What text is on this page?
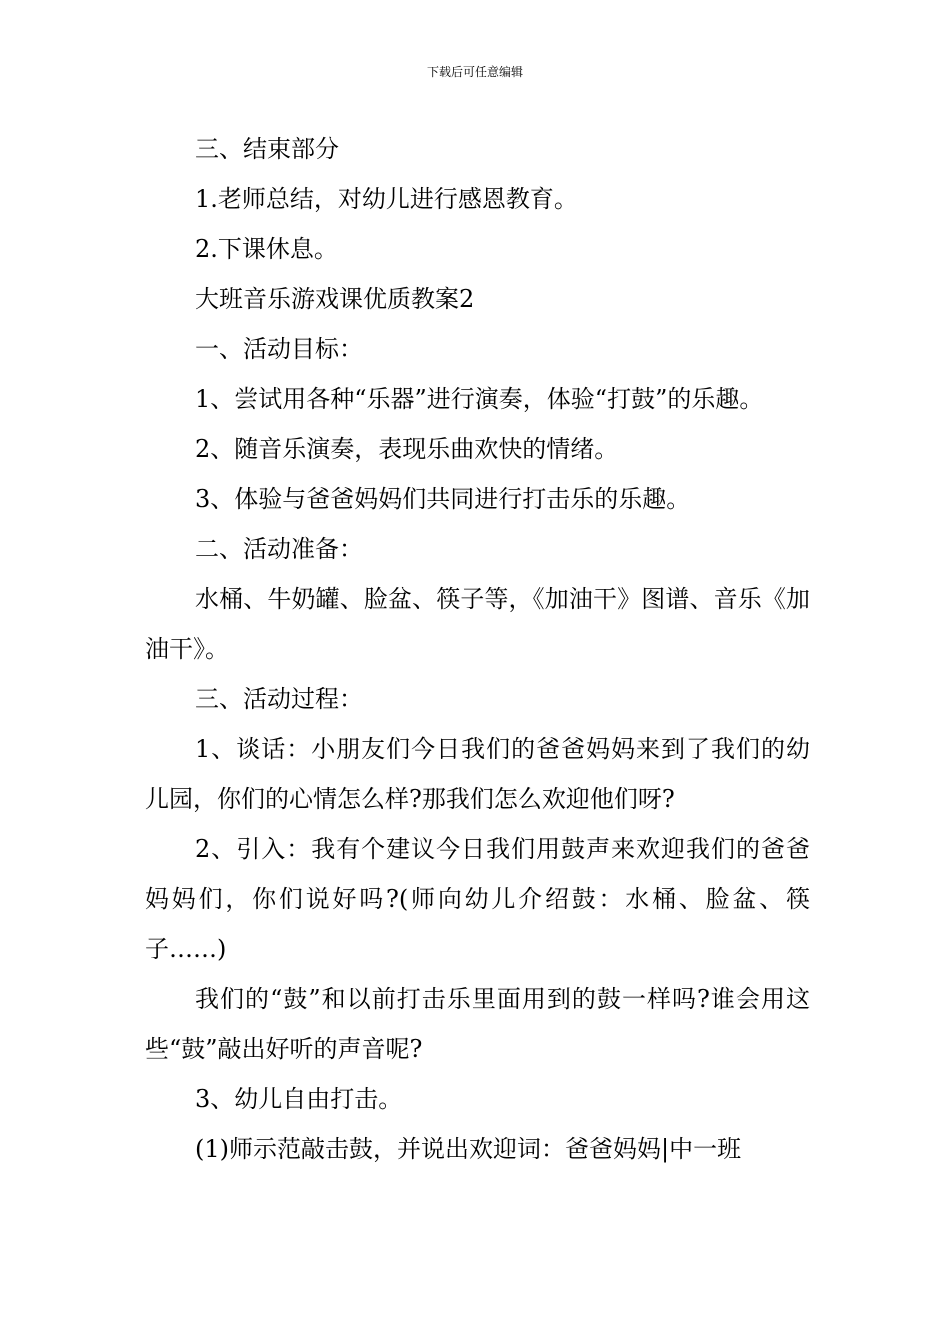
下载后可任意编辑

三、结束部分

1.老师总结，对幼儿进行感恩教育。

2.下课休息。

大班音乐游戏课优质教案2

一、活动目标：

1、尝试用各种“乐器”进行演奏，体验“打鼓”的乐趣。

2、随音乐演奏，表现乐曲欢快的情绪。

3、体验与爸爸妈妈们共同进行打击乐的乐趣。

二、活动准备：

水桶、牛奶罐、脸盆、筷子等，《加油干》图谱、音乐《加油干》。

三、活动过程：

1、谈话：小朋友们今日我们的爸爸妈妈来到了我们的幼儿园，你们的心情怎么样?那我们怎么欢迎他们呀?

2、引入：我有个建议今日我们用鼓声来欢迎我们的爸爸妈妈们，你们说好吗?(师向幼儿介绍鼓：水桶、脸盆、筷子……)

我们的“鼓”和以前打击乐里面用到的鼓一样吗?谁会用这些“鼓”敲出好听的声音呢?

3、幼儿自由打击。

(1)师示范敲击鼓，并说出欢迎词：爸爸妈妈|中一班
